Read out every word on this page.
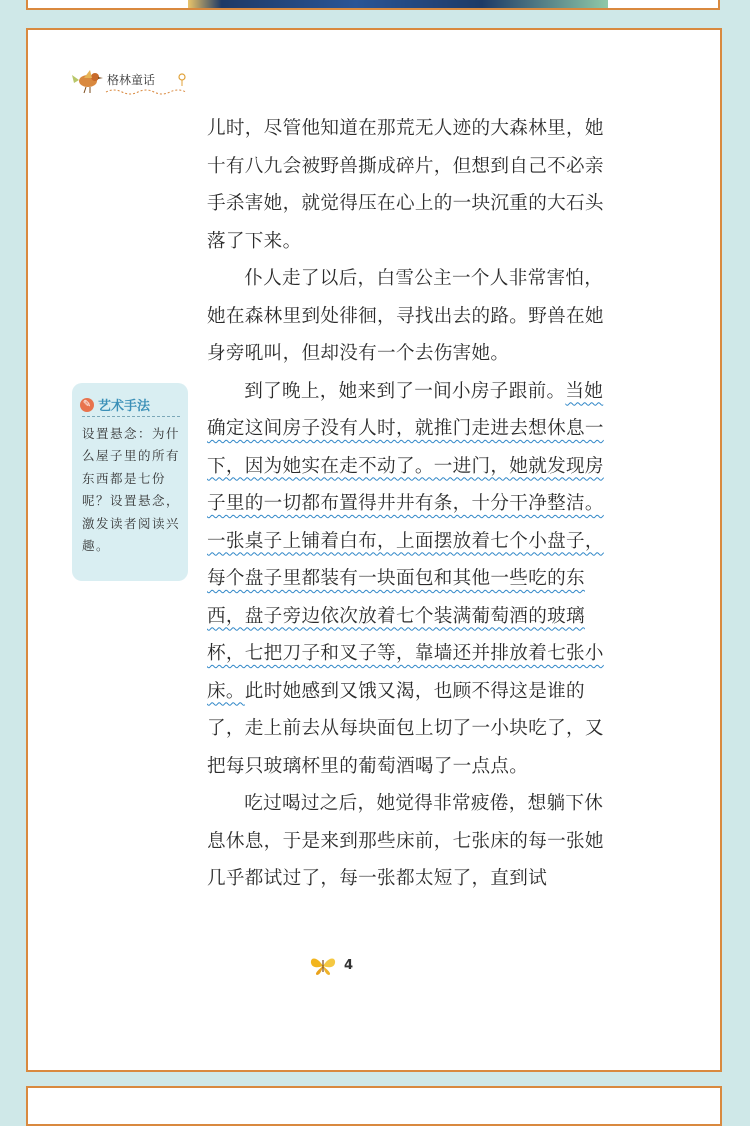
格林童话

儿时，尽管他知道在那荒无人迹的大森林里，她十有八九会被野兽撕成碎片，但想到自己不必亲手杀害她，就觉得压在心上的一块沉重的大石头落了下来。

仆人走了以后，白雪公主一个人非常害怕，她在森林里到处徘徊，寻找出去的路。野兽在她身旁吼叫，但却没有一个去伤害她。

到了晚上，她来到了一间小房子跟前。当她确定这间房子没有人时，就推门走进去想休息一下，因为她实在走不动了。一进门，她就发现房子里的一切都布置得井井有条，十分干净整洁。一张桌子上铺着白布，上面摆放着七个小盘子，每个盘子里都装有一块面包和其他一些吃的东西，盘子旁边依次放着七个装满葡萄酒的玻璃杯，七把刀子和叉子等，靠墙还并排放着七张小床。此时她感到又饿又渴，也顾不得这是谁的了，走上前去从每块面包上切了一小块吃了，又把每只玻璃杯里的葡萄酒喝了一点点。

吃过喝过之后，她觉得非常疲倦，想躺下休息休息，于是来到那些床前，七张床的每一张她几乎都试过了，每一张都太短了，直到试

✎ 艺术手法
设置悬念：为什么屋子里的所有东西都是七份呢？设置悬念，激发读者阅读兴趣。
4
